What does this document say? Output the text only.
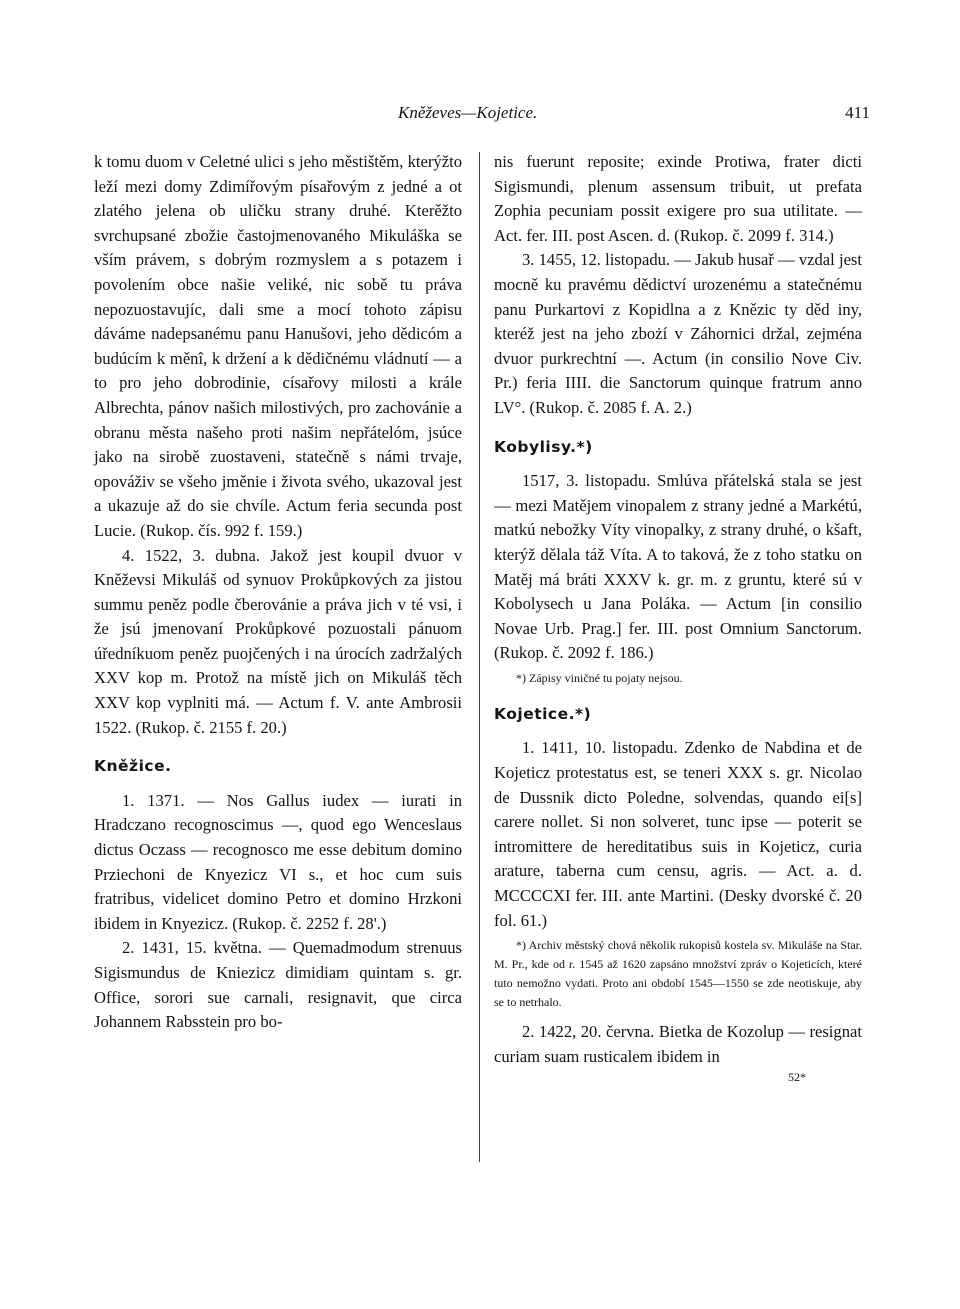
Kněževes—Kojetice.	411

k tomu duom v Celetné ulici s jeho městištěm, kterýžto leží mezi domy Zdimířovým písařovým z jedné a ot zlatého jelena ob uličku strany druhé. Kterěžto svrchupsané zbožie častojmenovaného Mikuláška se vším právem, s dobrým rozmyslem a s potazem i povolením obce našie veliké, nic sobě tu práva nepozuostavujíc, dali sme a mocí tohoto zápisu dáváme nadepsanému panu Hanušovi, jeho dědicóm a budúcím k měnî, k držení a k dědičnému vládnutí — a to pro jeho dobrodinie, císařovy milosti a krále Albrechta, pánov našich milostivých, pro zachovánie a obranu města našeho proti našim nepřátelóm, jsúce jako na sirobě zuostaveni, statečně s námi trvaje, opováživ se všeho jměnie i života svého, ukazoval jest a ukazuje až do sie chvíle. Actum feria secunda post Lucie. (Rukop. čís. 992 f. 159.)

4. 1522, 3. dubna. Jakož jest koupil dvuor v Kněževsi Mikuláš od synuov Prokůpkových za jistou summu peněz podle čberovánie a práva jich v té vsi, i že jsú jmenovaní Prokůpkové pozuostali pánuom úředníkuom peněz puojčených i na úrocích zadržalých XXV kop m. Protož na místě jich on Mikuláš těch XXV kop vyplniti má. — Actum f. V. ante Ambrosii 1522. (Rukop. č. 2155 f. 20.)

Kněžice.

1. 1371. — Nos Gallus iudex — iurati in Hradczano recognoscimus —, quod ego Wenceslaus dictus Oczass — recognosco me esse debitum domino Prziechoni de Knyezicz VI s., et hoc cum suis fratribus, videlicet domino Petro et domino Hrzkoni ibidem in Knyezicz. (Rukop. č. 2252 f. 28'.)

2. 1431, 15. května. — Quemadmodum strenuus Sigismundus de Kniezicz dimidiam quintam s. gr. Office, sorori sue carnali, resignavit, que circa Johannem Rabsstein pro bo-

nis fuerunt reposite; exinde Protiwa, frater dicti Sigismundi, plenum assensum tribuit, ut prefata Zophia pecuniam possit exigere pro sua utilitate. — Act. fer. III. post Ascen. d. (Rukop. č. 2099 f. 314.)

3. 1455, 12. listopadu. — Jakub husař — vzdal jest mocně ku pravému dědictví urozenému a statečnému panu Purkartovi z Kopidlna a z Knězic ty děd iny, kteréž jest na jeho zbożí v Záhornici držal, zejména dvuor purkrechtní —. Actum (in consilio Nove Civ. Pr.) feria IIII. die Sanctorum quinque fratrum anno LV°. (Rukop. č. 2085 f. A. 2.)

Kobylisy.*)

1517, 3. listopadu. Smlúva přátelská stala se jest — mezi Matějem vinopalem z strany jedné a Markétú, matkú nebožky Víty vinopalky, z strany druhé, o kšaft, kterýž dělala táž Víta. A to taková, že z toho statku on Matěj má bráti XXXV k. gr. m. z gruntu, které sú v Kobolysech u Jana Poláka. — Actum [in consilio Novae Urb. Prag.] fer. III. post Omnium Sanctorum. (Rukop. č. 2092 f. 186.)

*) Zápisy viničné tu pojaty nejsou.

Kojetice.*)

1. 1411, 10. listopadu. Zdenko de Nabdina et de Kojeticz protestatus est, se teneri XXX s. gr. Nicolao de Dussnik dicto Poledne, solvendas, quando ei[s] carere nollet. Si non solveret, tunc ipse — poterit se intromittere de hereditatibus suis in Kojeticz, curia arature, taberna cum censu, agris. — Act. a. d. MCCCCXI fer. III. ante Martini. (Desky dvorské č. 20 fol. 61.)

*) Archiv městský chová několik rukopisů kostela sv. Mikuláše na Star. M. Pr., kde od r. 1545 až 1620 zapsáno množství zpráv o Kojeticích, které tuto nemožno vydati. Proto ani období 1545—1550 se zde neotiskuje, aby se to netrhalo.

2. 1422, 20. června. Bietka de Kozolup — resignat curiam suam rusticalem ibidem in

52*
